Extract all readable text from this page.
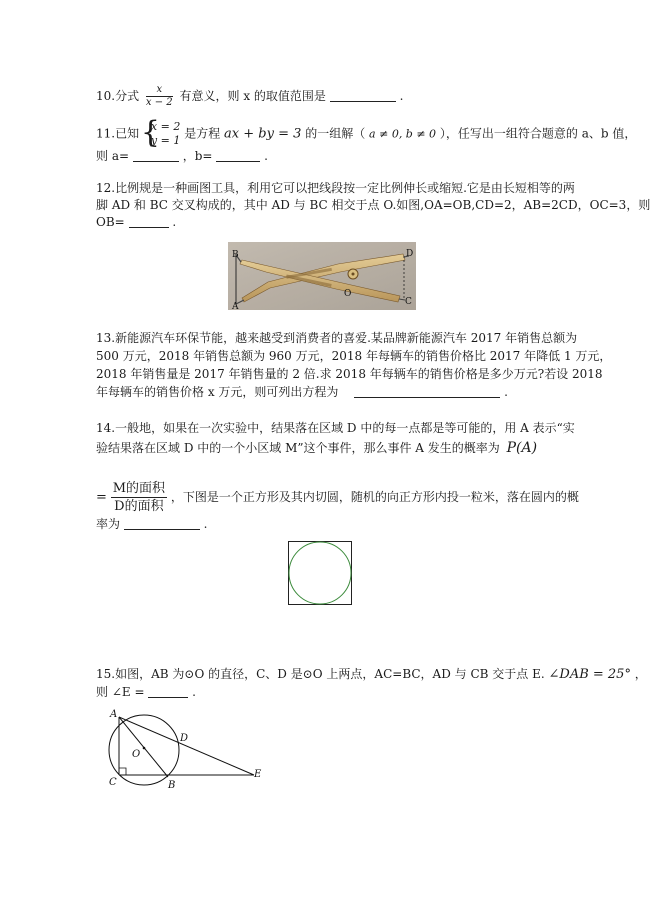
10.分式 $\frac{x}{x - 2}$ 有意义，则 x 的取值范围是	.
11.已知
{ x = 2
y = 1 是方程 ax + by = 3 的一组解（ a ≠ 0, b ≠ 0 ），任写出一组符合题意的 a、b 值，
则 a=	，b=	.
12.比例规是一种画图工具，利用它可以把线段按一定比例伸长或缩短.它是由长短相等的两
脚 AD 和 BC 交叉构成的，其中 AD 与 BC 相交于点 O.如图,OA=OB,CD=2，AB=2CD，OC=3，则
OB=	.
B
A
O
D
C
13.新能源汽车环保节能，越来越受到消费者的喜爱.某品牌新能源汽车 2017 年销售总额为
500 万元，2018 年销售总额为 960 万元，2018 年每辆车的销售价格比 2017 年降低 1 万元，
2018 年销售量是 2017 年销售量的 2 倍.求 2018 年每辆车的销售价格是多少万元?若设 2018
年每辆车的销售价格 x 万元，则可列出方程为	.
14.一般地，如果在一次实验中，结果落在区域 D 中的每一点都是等可能的，用 A 表示“实
验结果落在区域 D 中的一个小区域 M”这个事件，那么事件 A 发生的概率为 P(A)
= $\frac{\text{M的面积}}{\text{D的面积}}$ ，下图是一个正方形及其内切圆，随机的向正方形内投一粒米，落在圆内的概
率为	.
15.如图，AB 为⊙O 的直径，C、D 是⊙O 上两点，AC=BC，AD 与 CB 交于点 E. ∠DAB = 25° ，
则 ∠E =	.
A
C	B
D
O
E
